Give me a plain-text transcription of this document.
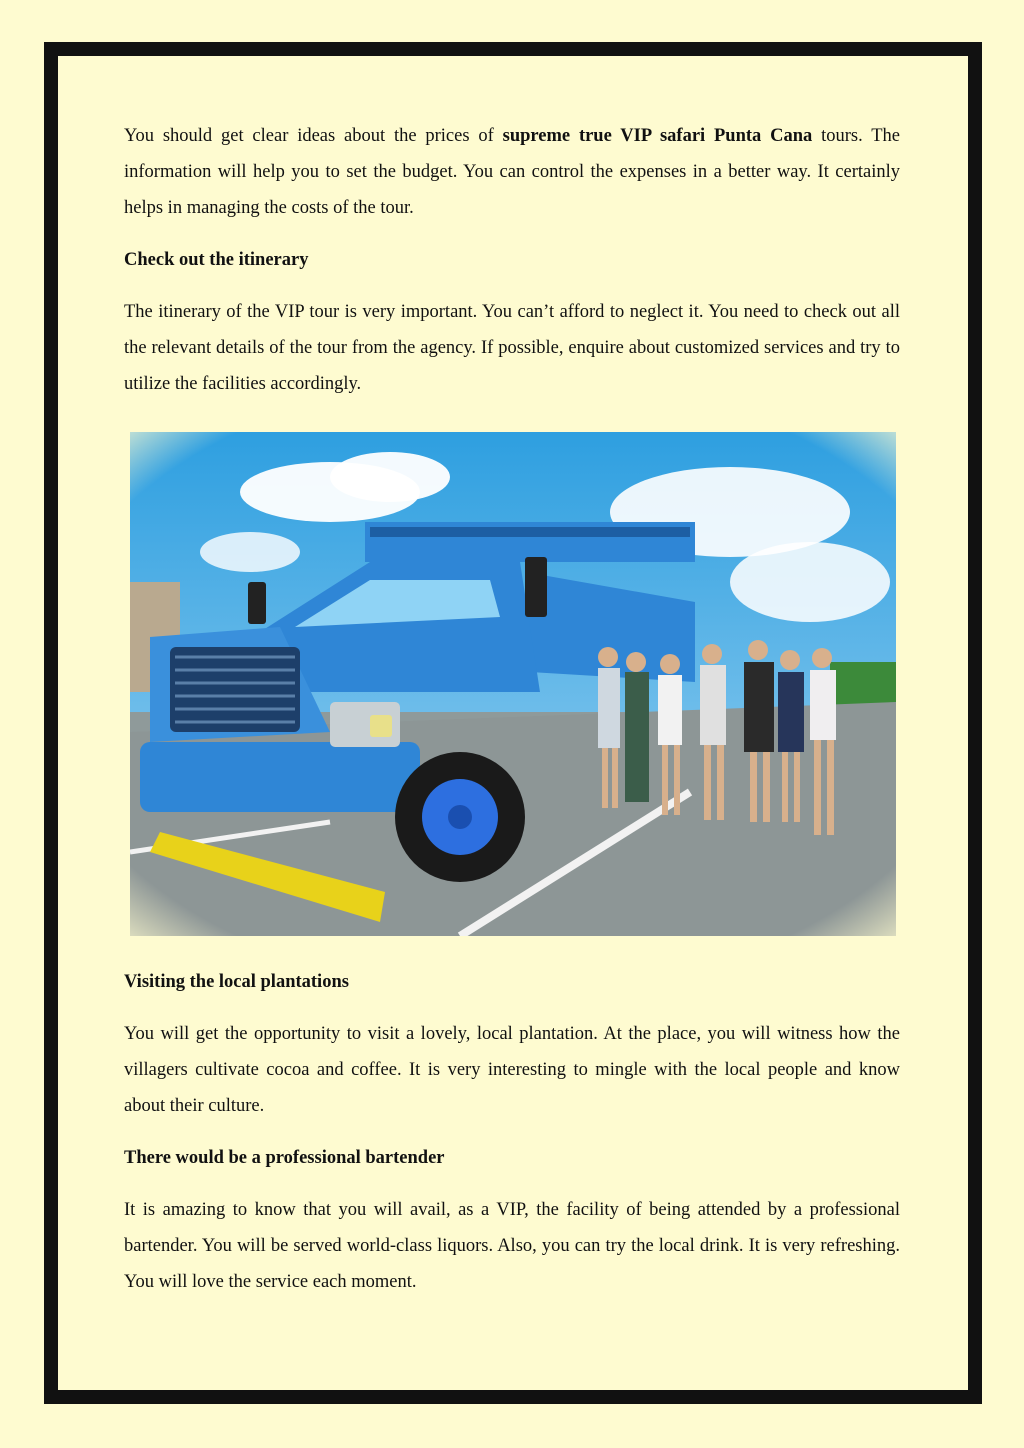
You should get clear ideas about the prices of supreme true VIP safari Punta Cana tours. The information will help you to set the budget. You can control the expenses in a better way. It certainly helps in managing the costs of the tour.

Check out the itinerary

The itinerary of the VIP tour is very important. You can’t afford to neglect it. You need to check out all the relevant details of the tour from the agency. If possible, enquire about customized services and try to utilize the facilities accordingly.

Visiting the local plantations

You will get the opportunity to visit a lovely, local plantation. At the place, you will witness how the villagers cultivate cocoa and coffee. It is very interesting to mingle with the local people and know about their culture.

There would be a professional bartender

It is amazing to know that you will avail, as a VIP, the facility of being attended by a professional bartender. You will be served world-class liquors. Also, you can try the local drink. It is very refreshing. You will love the service each moment.
